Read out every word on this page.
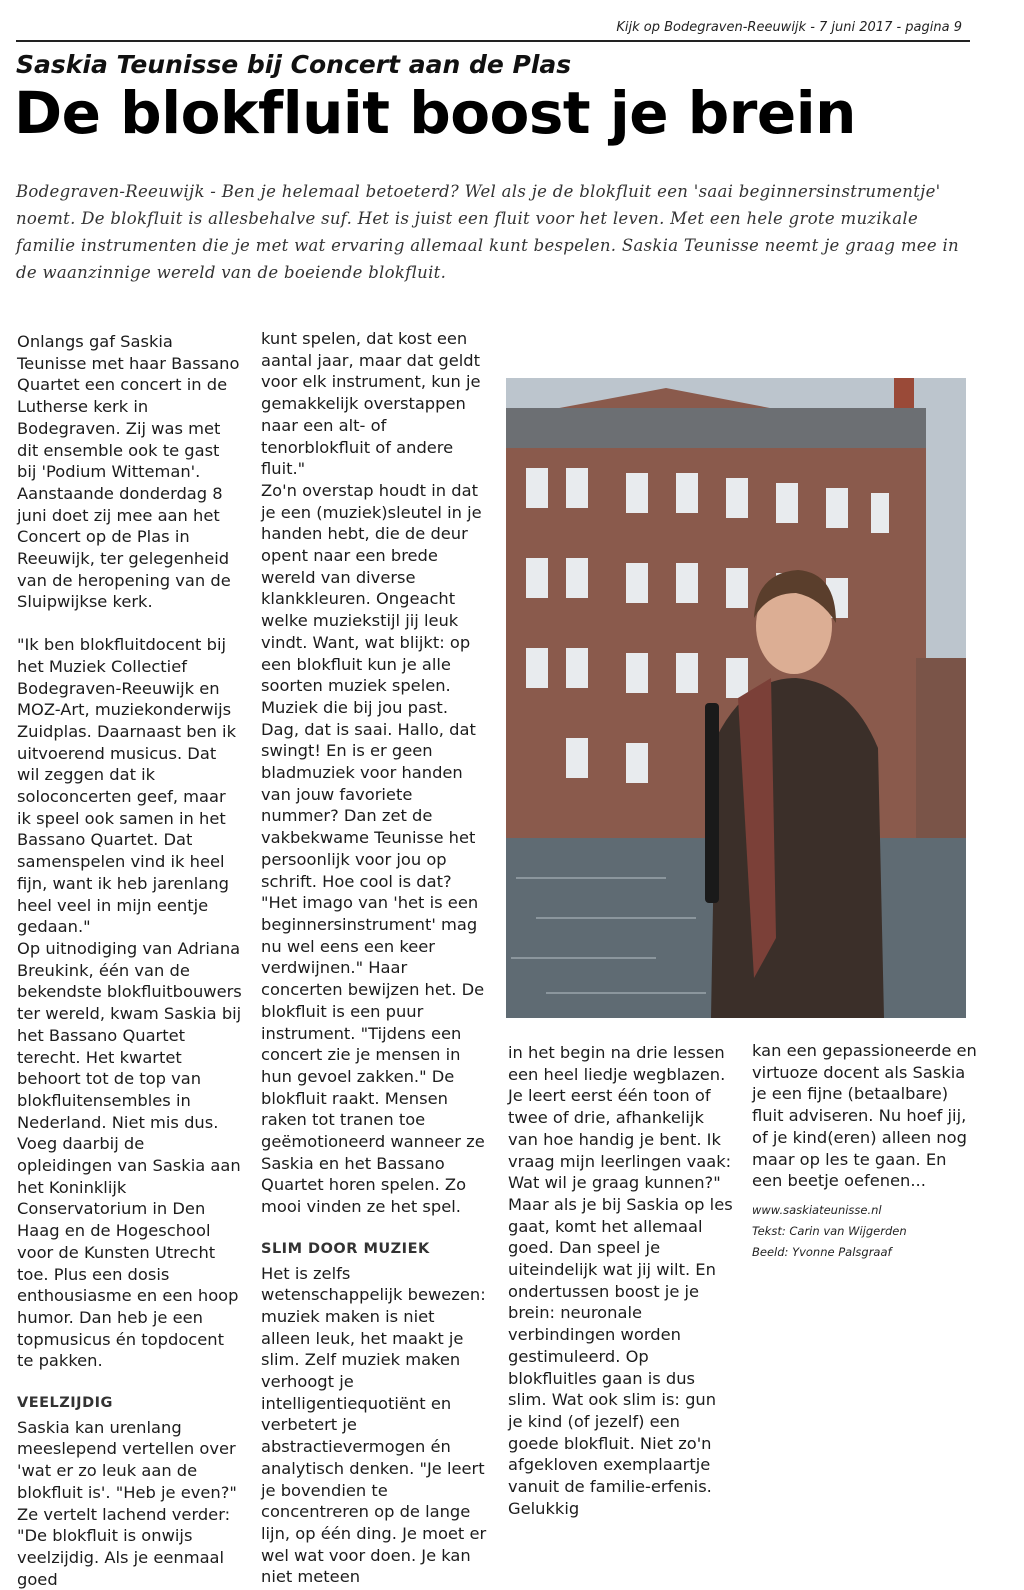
Kijk op Bodegraven-Reeuwijk - 7 juni 2017 - pagina 9
Saskia Teunisse bij Concert aan de Plas
De blokfluit boost je brein

Bodegraven-Reeuwijk - Ben je helemaal betoeterd? Wel als je de blokfluit een 'saai beginnersinstrumentje' noemt. De blokfluit is allesbehalve suf. Het is juist een fluit voor het leven. Met een hele grote muzikale familie instrumenten die je met wat ervaring allemaal kunt bespelen. Saskia Teunisse neemt je graag mee in de waanzinnige wereld van de boeiende blokfluit.

Onlangs gaf Saskia Teunisse met haar Bassano Quartet een concert in de Lutherse kerk in Bodegraven. Zij was met dit ensemble ook te gast bij 'Podium Witteman'. Aanstaande donderdag 8 juni doet zij mee aan het Concert op de Plas in Reeuwijk, ter gelegenheid van de heropening van de Sluipwijkse kerk.

"Ik ben blokfluitdocent bij het Muziek Collectief Bodegraven-Reeuwijk en MOZ-Art, muziekonderwijs Zuidplas. Daarnaast ben ik uitvoerend musicus. Dat wil zeggen dat ik soloconcerten geef, maar ik speel ook samen in het Bassano Quartet. Dat samenspelen vind ik heel fijn, want ik heb jarenlang heel veel in mijn eentje gedaan."

Op uitnodiging van Adriana Breukink, één van de bekendste blokfluitbouwers ter wereld, kwam Saskia bij het Bassano Quartet terecht. Het kwartet behoort tot de top van blokfluitensembles in Nederland. Niet mis dus. Voeg daarbij de opleidingen van Saskia aan het Koninklijk Conservatorium in Den Haag en de Hogeschool voor de Kunsten Utrecht toe. Plus een dosis enthousiasme en een hoop humor. Dan heb je een topmusicus én topdocent te pakken.

VEELZIJDIG

Saskia kan urenlang meeslepend vertellen over 'wat er zo leuk aan de blokfluit is'. "Heb je even?" Ze vertelt lachend verder: "De blokfluit is onwijs veelzijdig. Als je eenmaal goed

kunt spelen, dat kost een aantal jaar, maar dat geldt voor elk instrument, kun je gemakkelijk overstappen naar een alt- of tenorblokfluit of andere fluit."

Zo'n overstap houdt in dat je een (muziek)sleutel in je handen hebt, die de deur opent naar een brede wereld van diverse klankkleuren. Ongeacht welke muziekstijl jij leuk vindt. Want, wat blijkt: op een blokfluit kun je alle soorten muziek spelen. Muziek die bij jou past. Dag, dat is saai. Hallo, dat swingt! En is er geen bladmuziek voor handen van jouw favoriete nummer? Dan zet de vakbekwame Teunisse het persoonlijk voor jou op schrift. Hoe cool is dat? "Het imago van 'het is een beginnersinstrument' mag nu wel eens een keer verdwijnen." Haar concerten bewijzen het. De blokfluit is een puur instrument. "Tijdens een concert zie je mensen in hun gevoel zakken." De blokfluit raakt. Mensen raken tot tranen toe geëmotioneerd wanneer ze Saskia en het Bassano Quartet horen spelen. Zo mooi vinden ze het spel.

SLIM DOOR MUZIEK

Het is zelfs wetenschappelijk bewezen: muziek maken is niet alleen leuk, het maakt je slim. Zelf muziek maken verhoogt je intelligentiequotiënt en verbetert je abstractievermogen én analytisch denken. "Je leert je bovendien te concentreren op de lange lijn, op één ding. Je moet er wel wat voor doen. Je kan niet meteen

in het begin na drie lessen een heel liedje wegblazen. Je leert eerst één toon of twee of drie, afhankelijk van hoe handig je bent. Ik vraag mijn leerlingen vaak: Wat wil je graag kunnen?" Maar als je bij Saskia op les gaat, komt het allemaal goed. Dan speel je uiteindelijk wat jij wilt. En ondertussen boost je je brein: neuronale verbindingen worden gestimuleerd. Op blokfluitles gaan is dus slim. Wat ook slim is: gun je kind (of jezelf) een goede blokfluit. Niet zo'n afgekloven exemplaartje vanuit de familie-erfenis. Gelukkig

kan een gepassioneerde en virtuoze docent als Saskia je een fijne (betaalbare) fluit adviseren. Nu hoef jij, of je kind(eren) alleen nog maar op les te gaan. En een beetje oefenen...

www.saskiateunisse.nl
Tekst: Carin van Wijgerden
Beeld: Yvonne Palsgraaf
